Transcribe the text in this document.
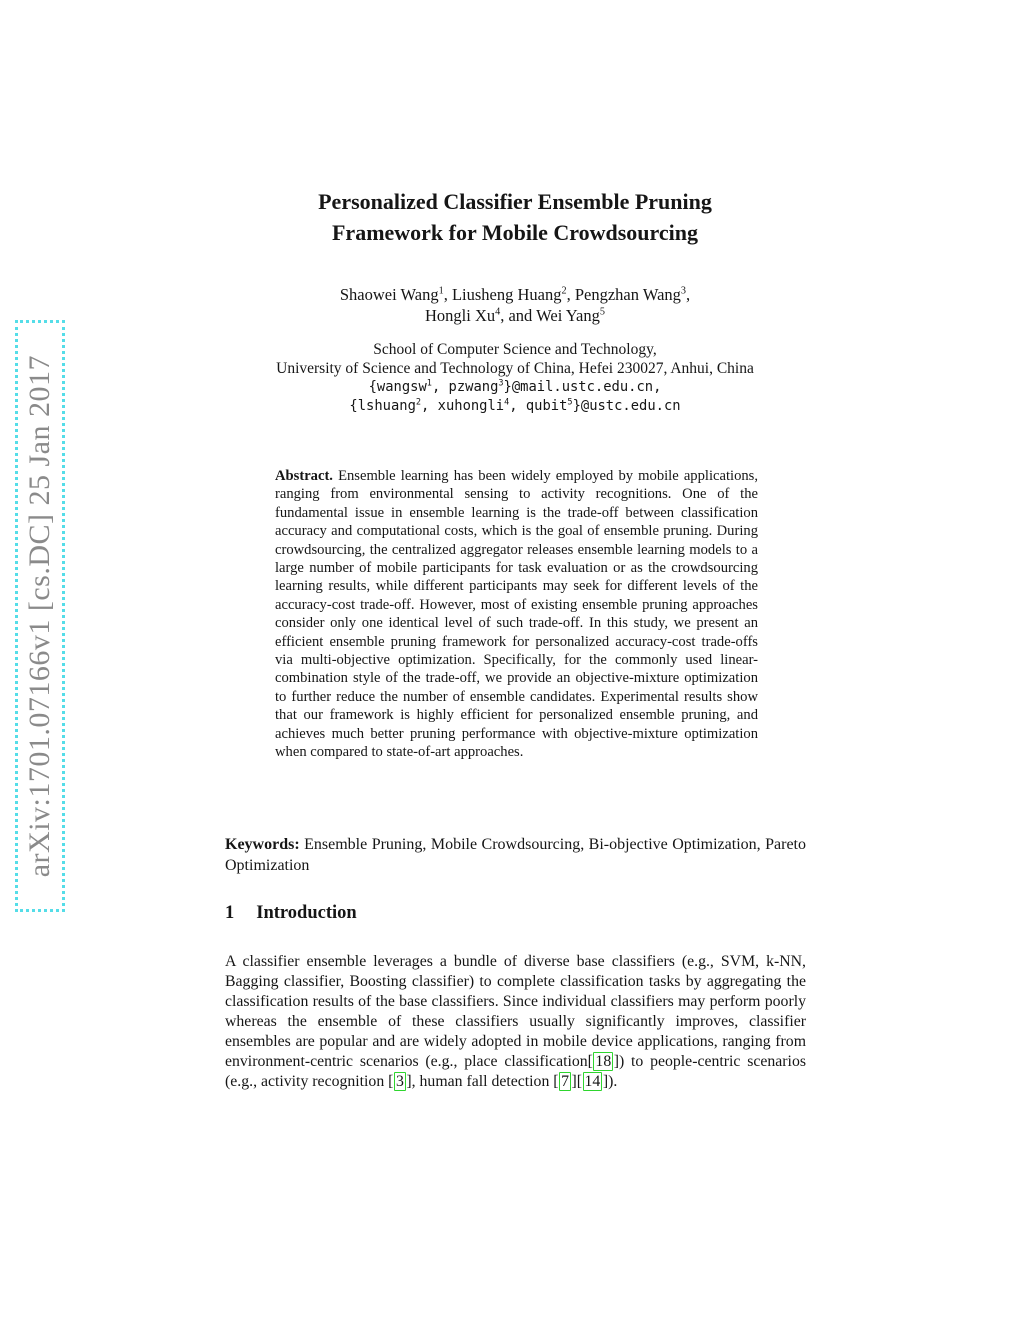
arXiv:1701.07166v1 [cs.DC] 25 Jan 2017
Personalized Classifier Ensemble Pruning
Framework for Mobile Crowdsourcing
Shaowei Wang$^1$, Liusheng Huang$^2$, Pengzhan Wang$^3$,
Hongli Xu$^4$, and Wei Yang$^5$
School of Computer Science and Technology,
University of Science and Technology of China, Hefei 230027, Anhui, China
{wangsw$^1$, pzwang$^3$}@mail.ustc.edu.cn,
{lshuang$^2$, xuhongli$^4$, qubit$^5$}@ustc.edu.cn
Abstract. Ensemble learning has been widely employed by mobile applications, ranging from environmental sensing to activity recognitions. One of the fundamental issue in ensemble learning is the trade-off between classification accuracy and computational costs, which is the goal of ensemble pruning. During crowdsourcing, the centralized aggregator releases ensemble learning models to a large number of mobile participants for task evaluation or as the crowdsourcing learning results, while different participants may seek for different levels of the accuracy-cost trade-off. However, most of existing ensemble pruning approaches consider only one identical level of such trade-off. In this study, we present an efficient ensemble pruning framework for personalized accuracy-cost trade-offs via multi-objective optimization. Specifically, for the commonly used linear-combination style of the trade-off, we provide an objective-mixture optimization to further reduce the number of ensemble candidates. Experimental results show that our framework is highly efficient for personalized ensemble pruning, and achieves much better pruning performance with objective-mixture optimization when compared to state-of-art approaches.
Keywords: Ensemble Pruning, Mobile Crowdsourcing, Bi-objective Optimization, Pareto Optimization
1 Introduction
A classifier ensemble leverages a bundle of diverse base classifiers (e.g., SVM, k-NN, Bagging classifier, Boosting classifier) to complete classification tasks by aggregating the classification results of the base classifiers. Since individual classifiers may perform poorly whereas the ensemble of these classifiers usually significantly improves, classifier ensembles are popular and are widely adopted in mobile device applications, ranging from environment-centric scenarios (e.g., place classification[ 18 ]) to people-centric scenarios (e.g., activity recognition [ 3 ], human fall detection [ 7 ][ 14 ]).
